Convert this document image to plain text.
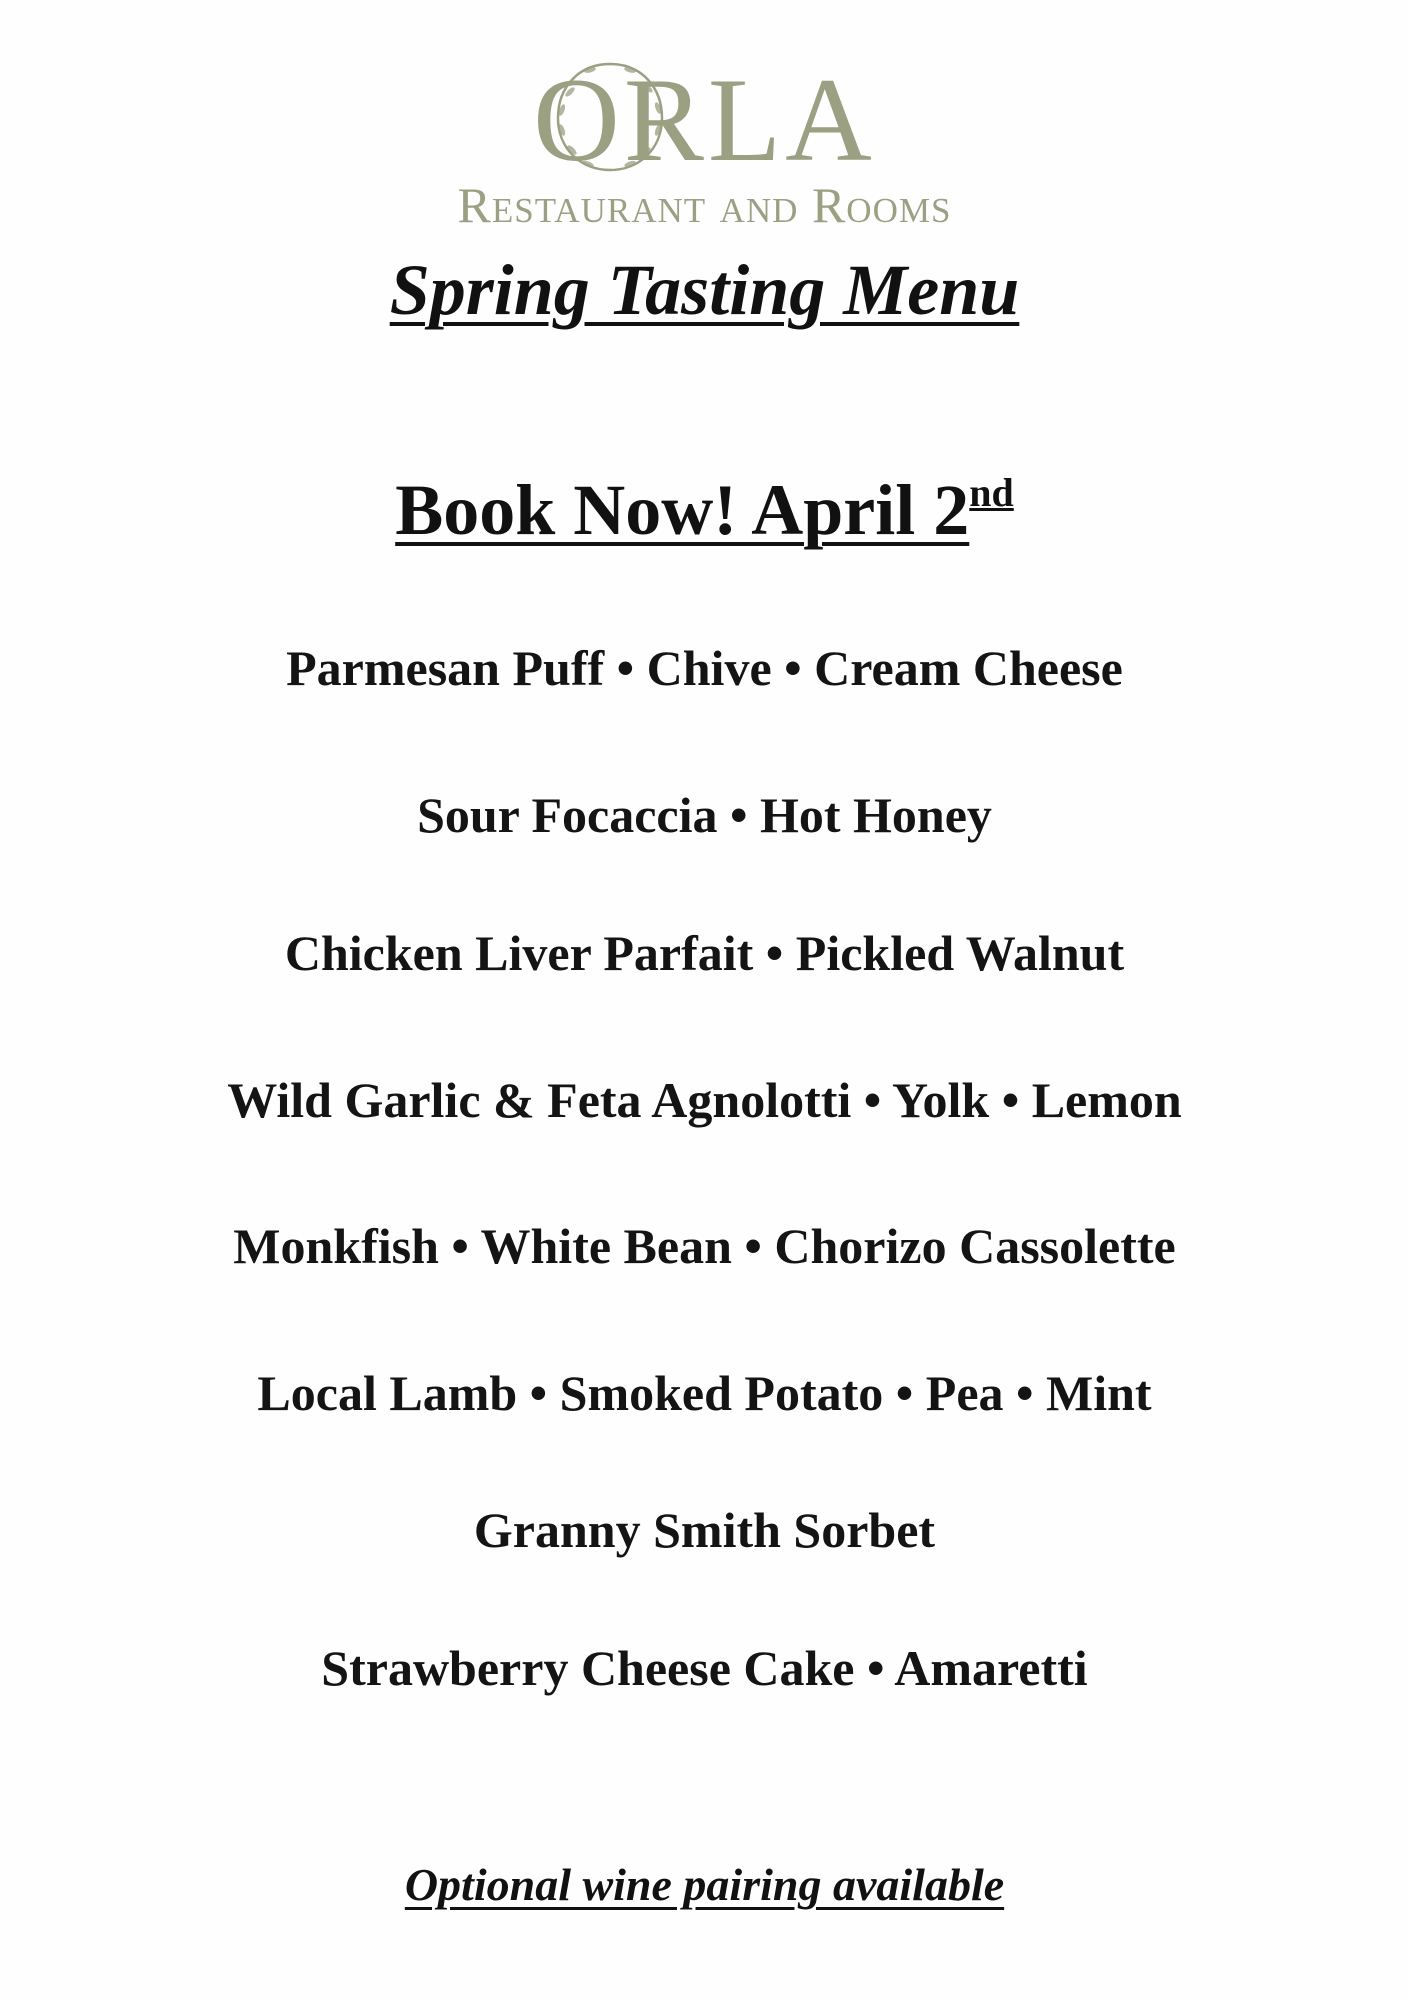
ORLA
Restaurant and Rooms
Spring Tasting Menu
Book Now! April 2nd
Parmesan Puff • Chive • Cream Cheese
Sour Focaccia • Hot Honey
Chicken Liver Parfait • Pickled Walnut
Wild Garlic & Feta Agnolotti • Yolk • Lemon
Monkfish • White Bean • Chorizo Cassolette
Local Lamb • Smoked Potato • Pea • Mint
Granny Smith Sorbet
Strawberry Cheese Cake • Amaretti
Optional wine pairing available
